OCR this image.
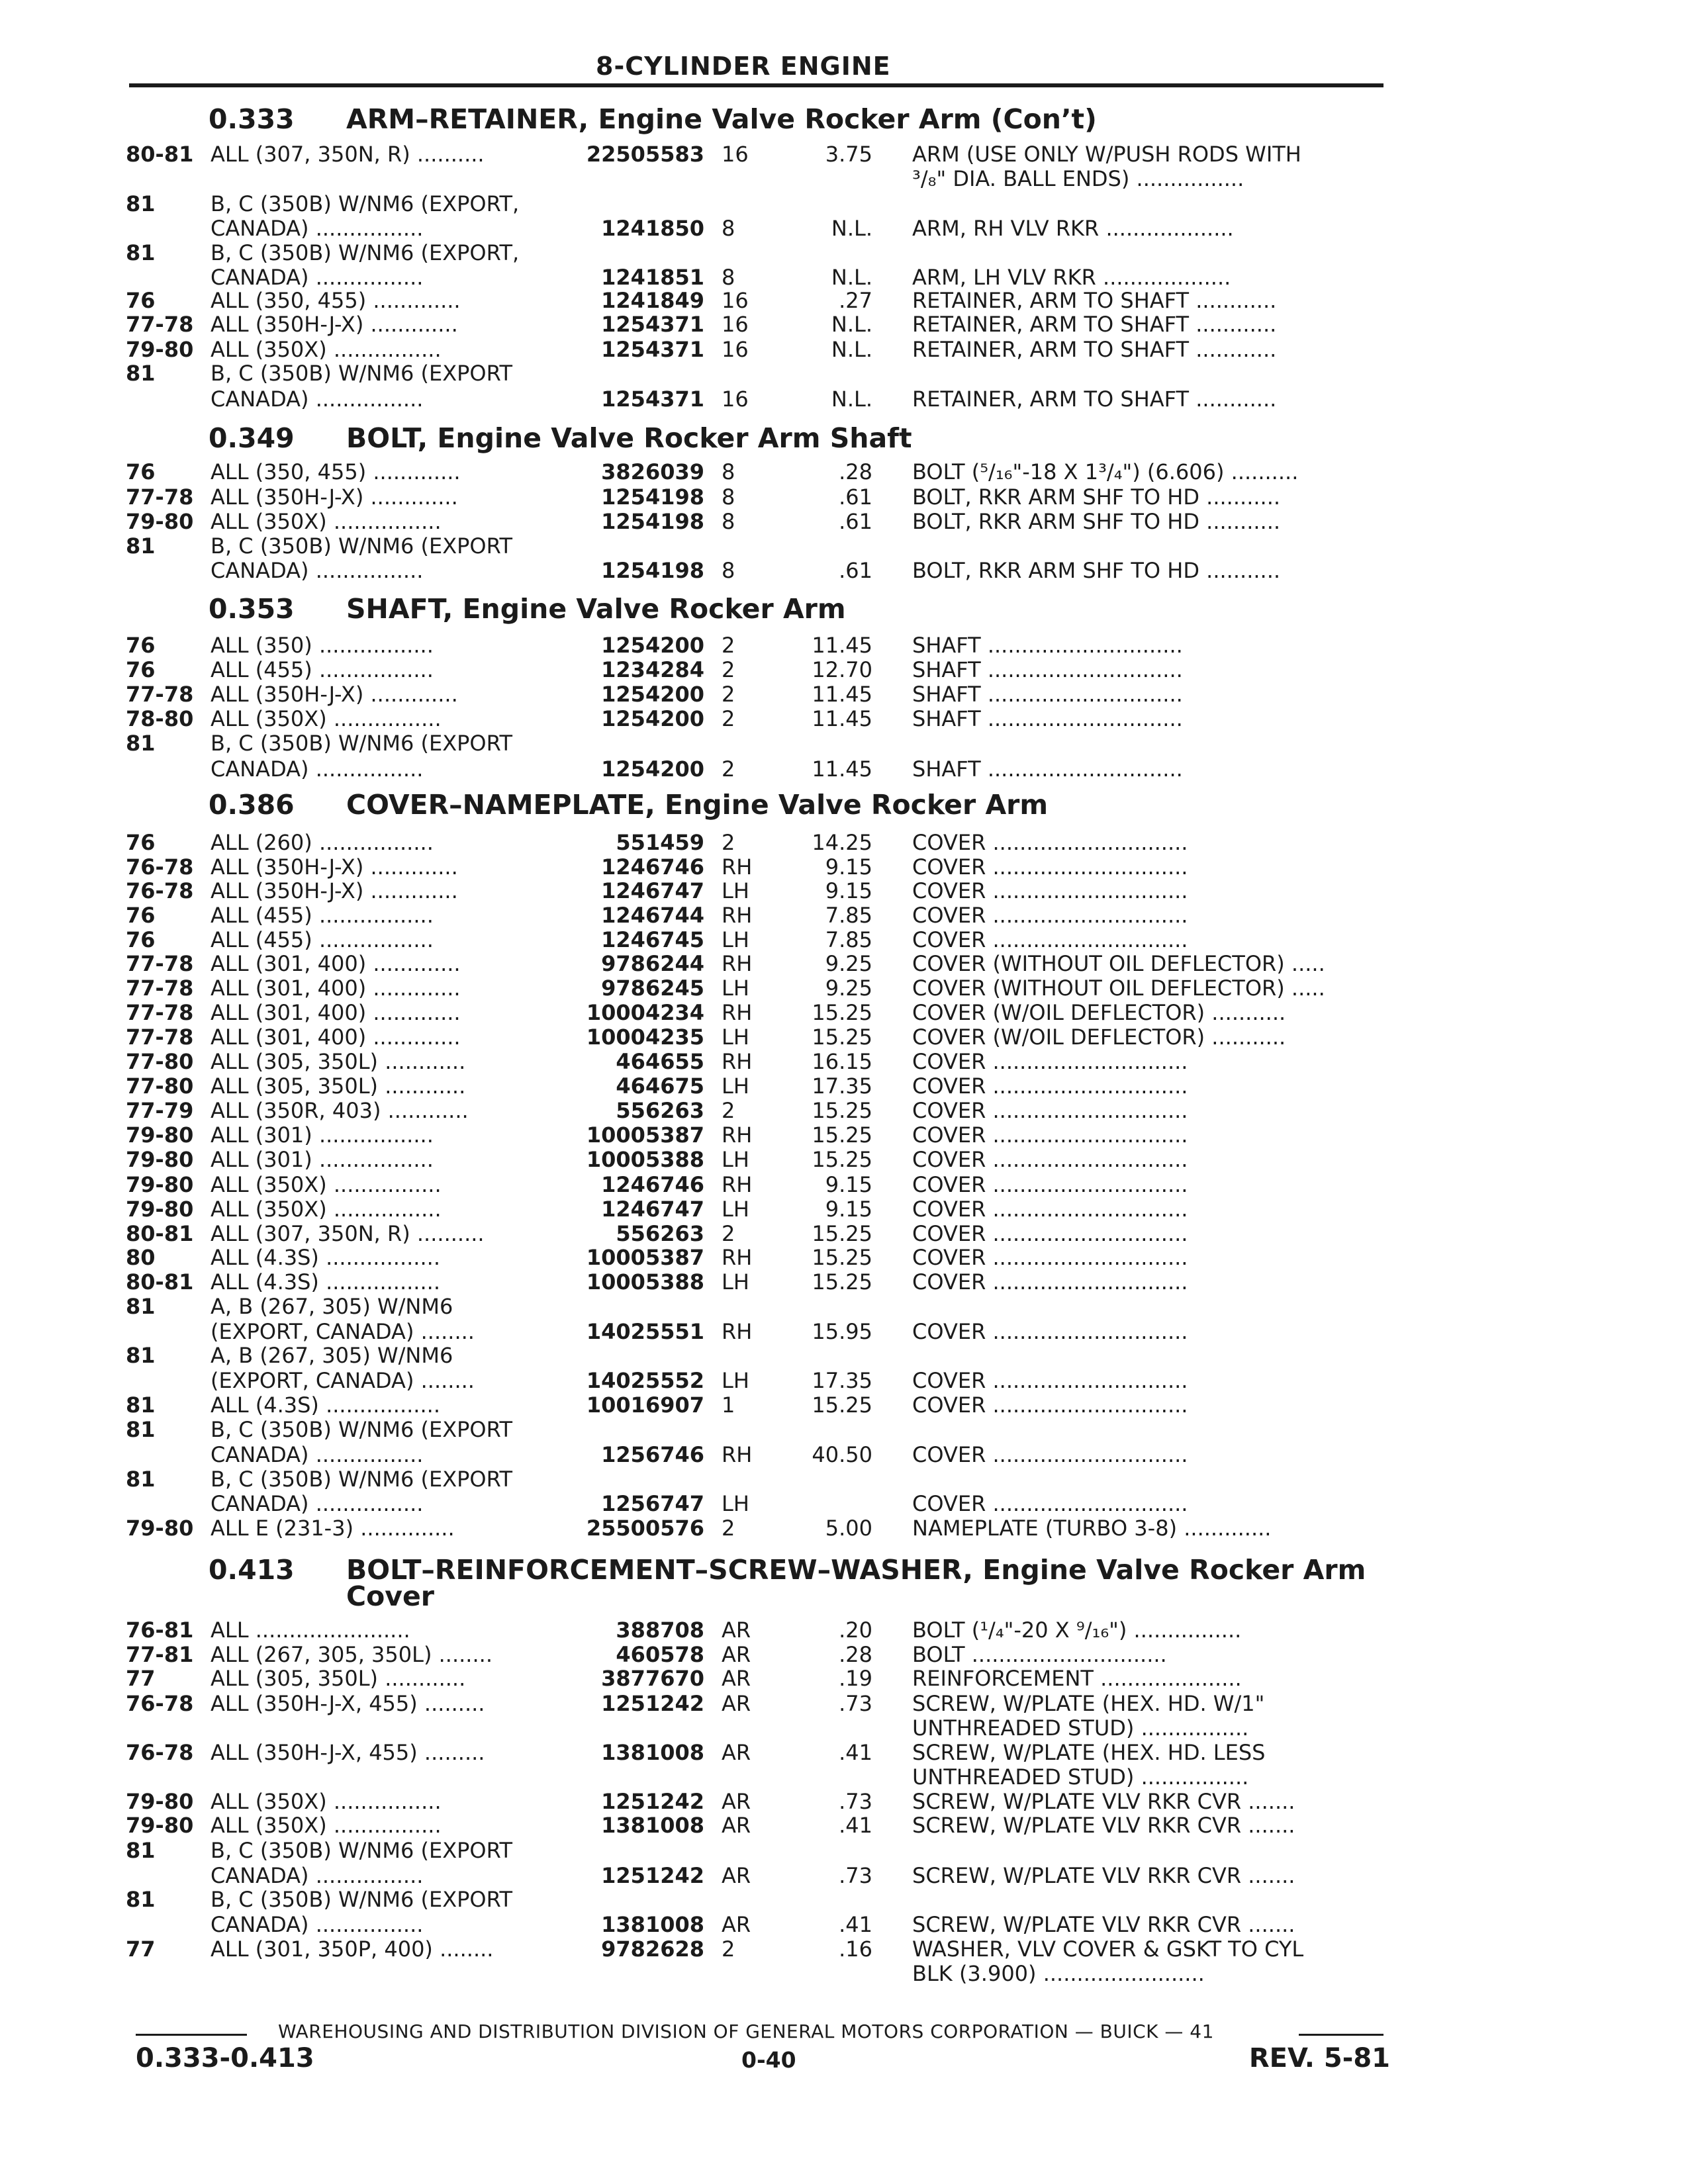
8-CYLINDER ENGINE
0.333 ARM–RETAINER, Engine Valve Rocker Arm (Con’t)
80-81 ALL (307, 350N, R) ..........	22505583 16	3.75 ARM (USE ONLY W/PUSH RODS WITH
³/₈" DIA. BALL ENDS) ................
81	B, C (350B) W/NM6 (EXPORT,
CANADA) ................	1241850 8	N.L. ARM, RH VLV RKR ...................
81	B, C (350B) W/NM6 (EXPORT,
CANADA) ................	1241851 8	N.L. ARM, LH VLV RKR ...................
76	ALL (350, 455) .............	1241849 16	.27 RETAINER, ARM TO SHAFT ............
77-78 ALL (350H-J-X) .............	1254371 16	N.L. RETAINER, ARM TO SHAFT ............
79-80 ALL (350X) ................	1254371 16	N.L. RETAINER, ARM TO SHAFT ............
81	B, C (350B) W/NM6 (EXPORT
CANADA) ................	1254371 16	N.L. RETAINER, ARM TO SHAFT ............
0.349 BOLT, Engine Valve Rocker Arm Shaft
76	ALL (350, 455) .............	3826039 8	.28 BOLT (⁵/₁₆"-18 X 1³/₄") (6.606) ..........
77-78 ALL (350H-J-X) .............	1254198 8	.61 BOLT, RKR ARM SHF TO HD ...........
79-80 ALL (350X) ................	1254198 8	.61 BOLT, RKR ARM SHF TO HD ...........
81	B, C (350B) W/NM6 (EXPORT
CANADA) ................	1254198 8	.61 BOLT, RKR ARM SHF TO HD ...........
0.353 SHAFT, Engine Valve Rocker Arm
76	ALL (350) .................	1254200 2	11.45 SHAFT .............................
76	ALL (455) .................	1234284 2	12.70 SHAFT .............................
77-78 ALL (350H-J-X) .............	1254200 2	11.45 SHAFT .............................
78-80 ALL (350X) ................	1254200 2	11.45 SHAFT .............................
81	B, C (350B) W/NM6 (EXPORT
CANADA) ................	1254200 2	11.45 SHAFT .............................
0.386 COVER–NAMEPLATE, Engine Valve Rocker Arm
76	ALL (260) .................	551459 2	14.25 COVER .............................
76-78 ALL (350H-J-X) .............	1246746 RH	9.15 COVER .............................
76-78 ALL (350H-J-X) .............	1246747 LH	9.15 COVER .............................
76	ALL (455) .................	1246744 RH	7.85 COVER .............................
76	ALL (455) .................	1246745 LH	7.85 COVER .............................
77-78 ALL (301, 400) .............	9786244 RH	9.25 COVER (WITHOUT OIL DEFLECTOR) .....
77-78 ALL (301, 400) .............	9786245 LH	9.25 COVER (WITHOUT OIL DEFLECTOR) .....
77-78 ALL (301, 400) .............	10004234 RH	15.25 COVER (W/OIL DEFLECTOR) ...........
77-78 ALL (301, 400) .............	10004235 LH	15.25 COVER (W/OIL DEFLECTOR) ...........
77-80 ALL (305, 350L) ............	464655 RH	16.15 COVER .............................
77-80 ALL (305, 350L) ............	464675 LH	17.35 COVER .............................
77-79 ALL (350R, 403) ............	556263 2	15.25 COVER .............................
79-80 ALL (301) .................	10005387 RH	15.25 COVER .............................
79-80 ALL (301) .................	10005388 LH	15.25 COVER .............................
79-80 ALL (350X) ................	1246746 RH	9.15 COVER .............................
79-80 ALL (350X) ................	1246747 LH	9.15 COVER .............................
80-81 ALL (307, 350N, R) ..........	556263 2	15.25 COVER .............................
80	ALL (4.3S) .................	10005387 RH	15.25 COVER .............................
80-81 ALL (4.3S) .................	10005388 LH	15.25 COVER .............................
81	A, B (267, 305) W/NM6
(EXPORT, CANADA) ........	14025551 RH	15.95 COVER .............................
81	A, B (267, 305) W/NM6
(EXPORT, CANADA) ........	14025552 LH	17.35 COVER .............................
81	ALL (4.3S) .................	10016907 1	15.25 COVER .............................
81	B, C (350B) W/NM6 (EXPORT
CANADA) ................	1256746 RH	40.50 COVER .............................
81	B, C (350B) W/NM6 (EXPORT
CANADA) ................	1256747 LH	COVER .............................
79-80 ALL E (231-3) ..............	25500576 2	5.00 NAMEPLATE (TURBO 3-8) .............
0.413 BOLT–REINFORCEMENT–SCREW–WASHER, Engine Valve Rocker Arm
Cover
76-81 ALL .......................	388708 AR	.20 BOLT (¹/₄"-20 X ⁹/₁₆") ................
77-81 ALL (267, 305, 350L) ........	460578 AR	.28 BOLT .............................
77	ALL (305, 350L) ............	3877670 AR	.19 REINFORCEMENT .....................
76-78 ALL (350H-J-X, 455) .........	1251242 AR	.73 SCREW, W/PLATE (HEX. HD. W/1"
UNTHREADED STUD) ................
76-78 ALL (350H-J-X, 455) .........	1381008 AR	.41 SCREW, W/PLATE (HEX. HD. LESS
UNTHREADED STUD) ................
79-80 ALL (350X) ................	1251242 AR	.73 SCREW, W/PLATE VLV RKR CVR .......
79-80 ALL (350X) ................	1381008 AR	.41 SCREW, W/PLATE VLV RKR CVR .......
81	B, C (350B) W/NM6 (EXPORT
CANADA) ................	1251242 AR	.73 SCREW, W/PLATE VLV RKR CVR .......
81	B, C (350B) W/NM6 (EXPORT
CANADA) ................	1381008 AR	.41 SCREW, W/PLATE VLV RKR CVR .......
77	ALL (301, 350P, 400) ........	9782628 2	.16 WASHER, VLV COVER & GSKT TO CYL
BLK (3.900) ........................
WAREHOUSING AND DISTRIBUTION DIVISION OF GENERAL MOTORS CORPORATION — BUICK — 41
0.333-0.413	0-40	REV. 5-81
